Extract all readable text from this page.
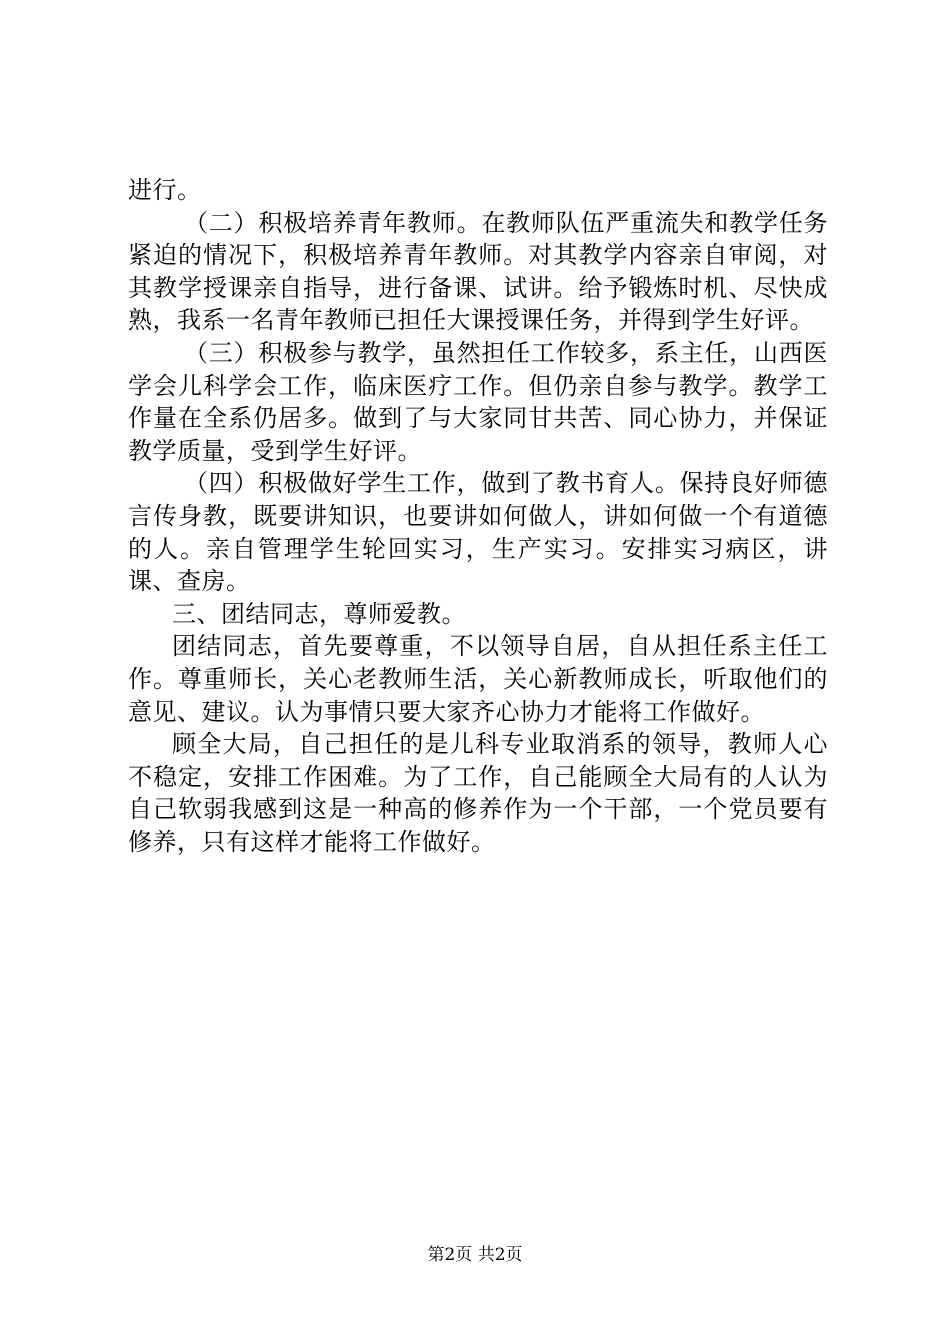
进行。

（二）积极培养青年教师。在教师队伍严重流失和教学任务紧迫的情况下，积极培养青年教师。对其教学内容亲自审阅，对其教学授课亲自指导，进行备课、试讲。给予锻炼时机、尽快成熟，我系一名青年教师已担任大课授课任务，并得到学生好评。

（三）积极参与教学，虽然担任工作较多，系主任，山西医学会儿科学会工作，临床医疗工作。但仍亲自参与教学。教学工作量在全系仍居多。做到了与大家同甘共苦、同心协力，并保证教学质量，受到学生好评。

（四）积极做好学生工作，做到了教书育人。保持良好师德言传身教，既要讲知识，也要讲如何做人，讲如何做一个有道德的人。亲自管理学生轮回实习，生产实习。安排实习病区，讲课、查房。

三、团结同志，尊师爱教。

团结同志，首先要尊重，不以领导自居，自从担任系主任工作。尊重师长，关心老教师生活，关心新教师成长，听取他们的意见、建议。认为事情只要大家齐心协力才能将工作做好。

顾全大局，自己担任的是儿科专业取消系的领导，教师人心不稳定，安排工作困难。为了工作，自己能顾全大局有的人认为自己软弱我感到这是一种高的修养作为一个干部，一个党员要有修养，只有这样才能将工作做好。

第2页 共2页
